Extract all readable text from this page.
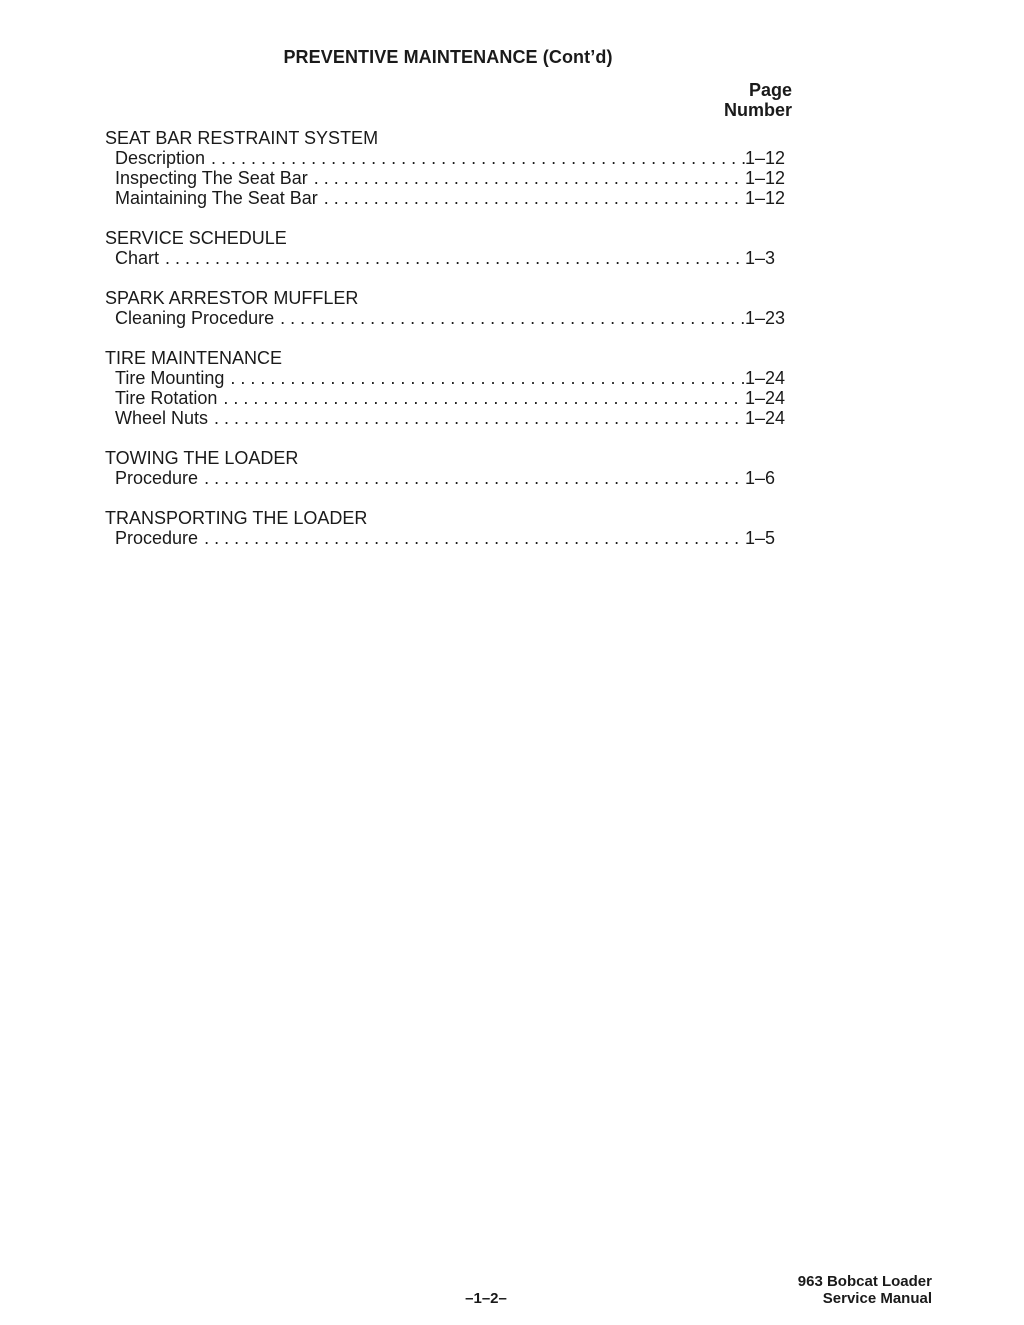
PREVENTIVE MAINTENANCE (Cont’d)
Page
Number
SEAT BAR RESTRAINT SYSTEM
Description . . .	1–12
Inspecting The Seat Bar . . .	1–12
Maintaining The Seat Bar . . .	1–12
SERVICE SCHEDULE
Chart . . .	1–3
SPARK ARRESTOR MUFFLER
Cleaning Procedure . . .	1–23
TIRE MAINTENANCE
Tire Mounting . . .	1–24
Tire Rotation . . .	1–24
Wheel Nuts . . .	1–24
TOWING THE LOADER
Procedure . . .	1–6
TRANSPORTING THE LOADER
Procedure . . .	1–5
–1–2–
963 Bobcat Loader
Service Manual
